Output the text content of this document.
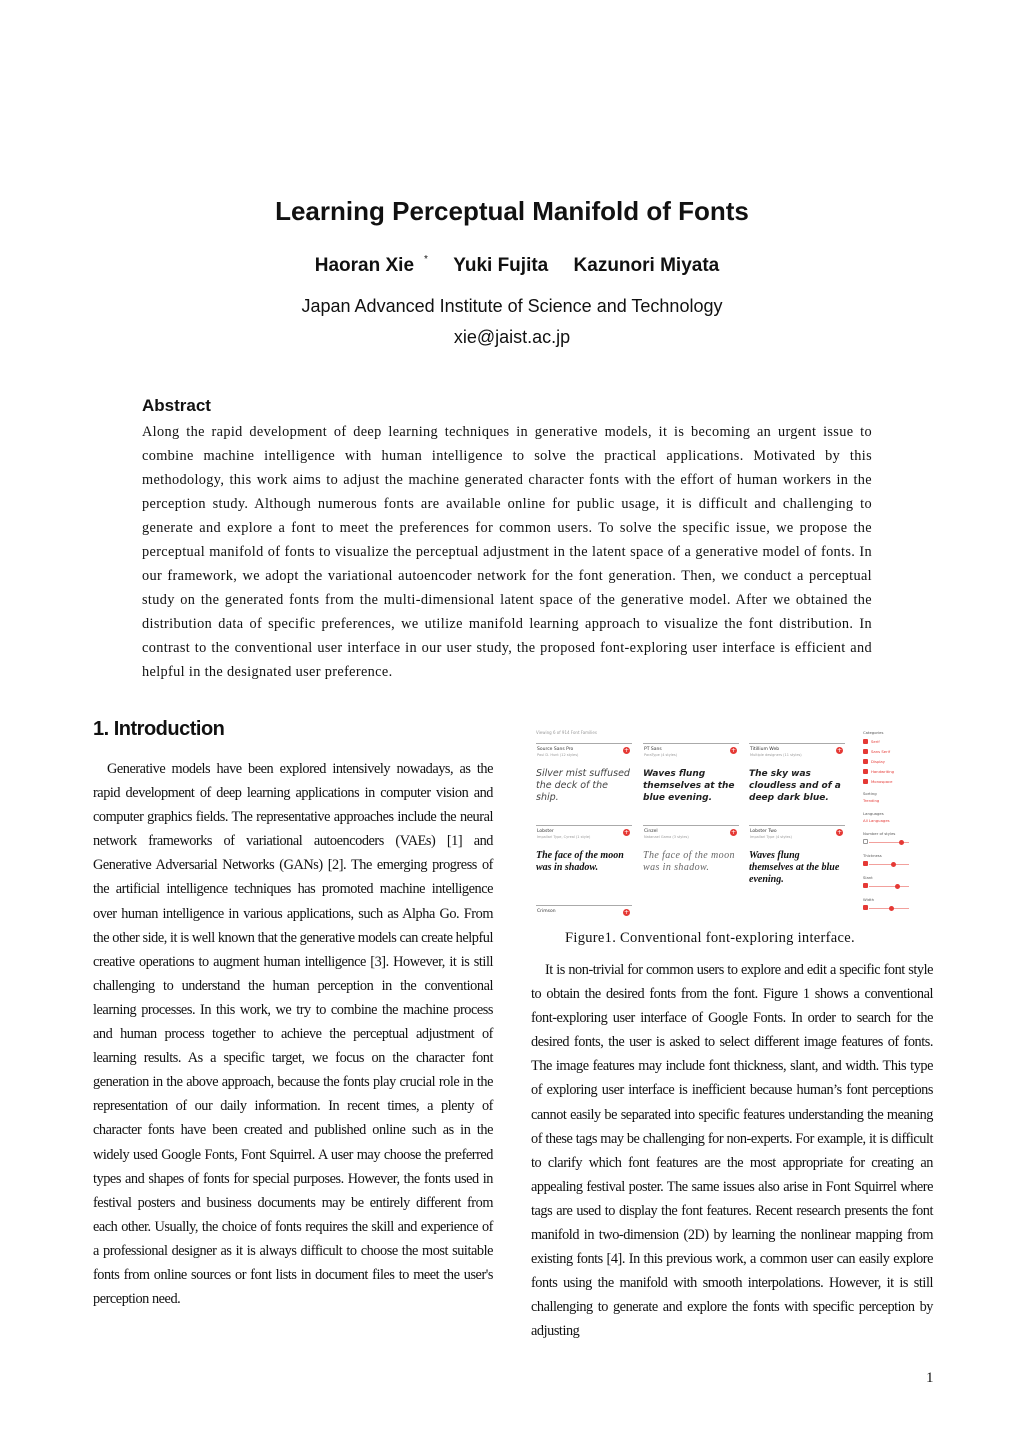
Learning Perceptual Manifold of Fonts
Haoran Xie * Yuki Fujita Kazunori Miyata
Japan Advanced Institute of Science and Technology
xie@jaist.ac.jp
Abstract
Along the rapid development of deep learning techniques in generative models, it is becoming an urgent issue to combine machine intelligence with human intelligence to solve the practical applications. Motivated by this methodology, this work aims to adjust the machine generated character fonts with the effort of human workers in the perception study. Although numerous fonts are available online for public usage, it is difficult and challenging to generate and explore a font to meet the preferences for common users. To solve the specific issue, we propose the perceptual manifold of fonts to visualize the perceptual adjustment in the latent space of a generative model of fonts. In our framework, we adopt the variational autoencoder network for the font generation. Then, we conduct a perceptual study on the generated fonts from the multi-dimensional latent space of the generative model. After we obtained the distribution data of specific preferences, we utilize manifold learning approach to visualize the font distribution. In contrast to the conventional user interface in our user study, the proposed font-exploring user interface is efficient and helpful in the designated user preference.
1. Introduction
Generative models have been explored intensively nowadays, as the rapid development of deep learning applications in computer vision and computer graphics fields. The representative approaches include the neural network frameworks of variational autoencoders (VAEs) [1] and Generative Adversarial Networks (GANs) [2]. The emerging progress of the artificial intelligence techniques has promoted machine intelligence over human intelligence in various applications, such as Alpha Go. From the other side, it is well known that the generative models can create helpful creative operations to augment human intelligence [3]. However, it is still challenging to understand the human perception in the conventional learning processes. In this work, we try to combine the machine process and human process together to achieve the perceptual adjustment of learning results. As a specific target, we focus on the character font generation in the above approach, because the fonts play crucial role in the representation of our daily information. In recent times, a plenty of character fonts have been created and published online such as in the widely used Google Fonts, Font Squirrel. A user may choose the preferred types and shapes of fonts for special purposes. However, the fonts used in festival posters and business documents may be entirely different from each other. Usually, the choice of fonts requires the skill and experience of a professional designer as it is always difficult to choose the most suitable fonts from online sources or font lists in document files to meet the user's perception need.
Viewing 6 of 914 Font Families
Source Sans Pro
Paul D. Hunt (12 styles)
+
Silver mist suffused the deck of the ship.
PT Sans
ParaType (4 styles)
+
Waves flung themselves at the blue evening.
Titillium Web
Multiple designers (11 styles)
+
The sky was cloudless and of a deep dark blue.
Lobster
Impallari Type, Cyreal (1 style)
+
The face of the moon was in shadow.
Cinzel
Natanael Gama (3 styles)
+
The face of the moon was in shadow.
Lobster Two
Impallari Type (4 styles)
+
Waves flung themselves at the blue evening.
Crimson	+
Categories
Serif
Sans Serif
Display
Handwriting
Monospace
Sorting
Trending
Languages
All Languages
Number of styles
Thickness
Slant
Width
Figure1. Conventional font-exploring interface.
It is non-trivial for common users to explore and edit a specific font style to obtain the desired fonts from the font. Figure 1 shows a conventional font-exploring user interface of Google Fonts. In order to search for the desired fonts, the user is asked to select different image features of fonts. The image features may include font thickness, slant, and width. This type of exploring user interface is inefficient because human’s font perceptions cannot easily be separated into specific features understanding the meaning of these tags may be challenging for non-experts. For example, it is difficult to clarify which font features are the most appropriate for creating an appealing festival poster. The same issues also arise in Font Squirrel where tags are used to display the font features. Recent research presents the font manifold in two-dimension (2D) by learning the nonlinear mapping from existing fonts [4]. In this previous work, a common user can easily explore fonts using the manifold with smooth interpolations. However, it is still challenging to generate and explore the fonts with specific perception by adjusting
1
